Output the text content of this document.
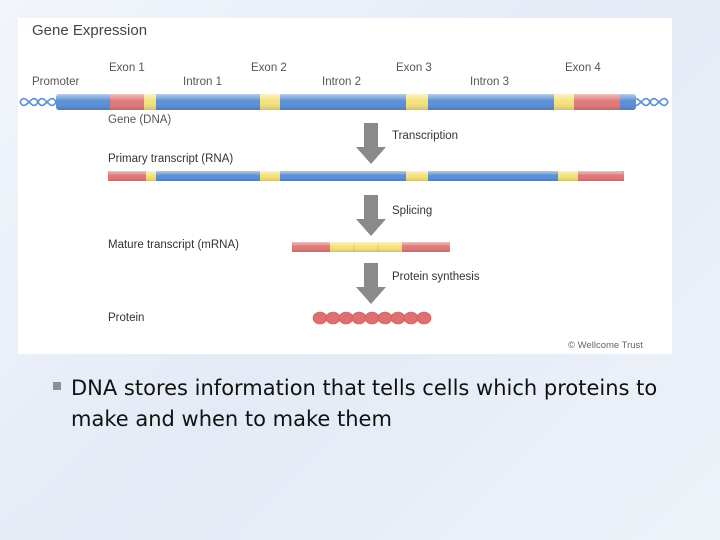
Gene Expression
Promoter
Exon 1
Intron 1
Exon 2
Intron 2
Exon 3
Intron 3
Exon 4
Gene (DNA)
Transcription
Primary transcript (RNA)
Splicing
Mature transcript (mRNA)
Protein synthesis
Protein
© Wellcome Trust
DNA stores information that tells cells which proteins to make and when to make them
